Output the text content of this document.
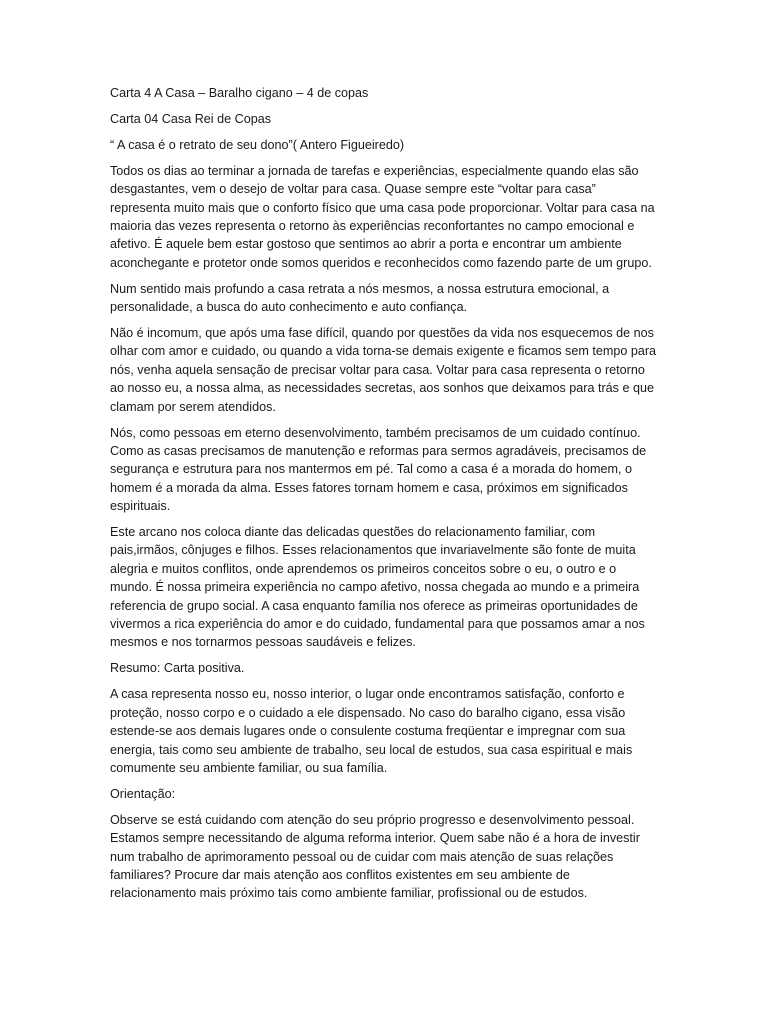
Carta 4 A Casa – Baralho cigano – 4 de copas

Carta 04 Casa Rei de Copas

“ A casa é o retrato de seu dono”( Antero Figueiredo)

Todos os dias ao terminar a jornada de tarefas e experiências, especialmente quando elas são desgastantes, vem o desejo de voltar para casa. Quase sempre este “voltar para casa” representa muito mais que o conforto físico que uma casa pode proporcionar. Voltar para casa na maioria das vezes representa o retorno às experiências reconfortantes no campo emocional e afetivo. É aquele bem estar gostoso que sentimos ao abrir a porta e encontrar um ambiente aconchegante e protetor onde somos queridos e reconhecidos como fazendo parte de um grupo.

Num sentido mais profundo a casa retrata a nós mesmos, a nossa estrutura emocional, a personalidade, a busca do auto conhecimento e auto confiança.

Não é incomum, que após uma fase difícil, quando por questões da vida nos esquecemos de nos olhar com amor e cuidado, ou quando a vida torna-se demais exigente e ficamos sem tempo para nós, venha aquela sensação de precisar voltar para casa. Voltar para casa representa o retorno ao nosso eu, a nossa alma, as necessidades secretas, aos sonhos que deixamos para trás e que clamam por serem atendidos.

Nós, como pessoas em eterno desenvolvimento, também precisamos de um cuidado contínuo. Como as casas precisamos de manutenção e reformas para sermos agradáveis, precisamos de segurança e estrutura para nos mantermos em pé. Tal como a casa é a morada do homem, o homem é a morada da alma. Esses fatores tornam homem e casa, próximos em significados espirituais.

Este arcano nos coloca diante das delicadas questões do relacionamento familiar, com pais,irmãos, cônjuges e filhos. Esses relacionamentos que invariavelmente são fonte de muita alegria e muitos conflitos, onde aprendemos os primeiros conceitos sobre o eu, o outro e o mundo. É nossa primeira experiência no campo afetivo, nossa chegada ao mundo e a primeira referencia de grupo social. A casa enquanto família nos oferece as primeiras oportunidades de vivermos a rica experiência do amor e do cuidado, fundamental para que possamos amar a nos mesmos e nos tornarmos pessoas saudáveis e felizes.

Resumo: Carta positiva.

A casa representa nosso eu, nosso interior, o lugar onde encontramos satisfação, conforto e proteção, nosso corpo e o cuidado a ele dispensado. No caso do baralho cigano, essa visão estende-se aos demais lugares onde o consulente costuma freqüentar e impregnar com sua energia, tais como seu ambiente de trabalho, seu local de estudos, sua casa espiritual e mais comumente seu ambiente familiar, ou sua família.

Orientação:

Observe se está cuidando com atenção do seu próprio progresso e desenvolvimento pessoal. Estamos sempre necessitando de alguma reforma interior. Quem sabe não é a hora de investir num trabalho de aprimoramento pessoal ou de cuidar com mais atenção de suas relações familiares? Procure dar mais atenção aos conflitos existentes em seu ambiente de relacionamento mais próximo tais como ambiente familiar, profissional ou de estudos.
